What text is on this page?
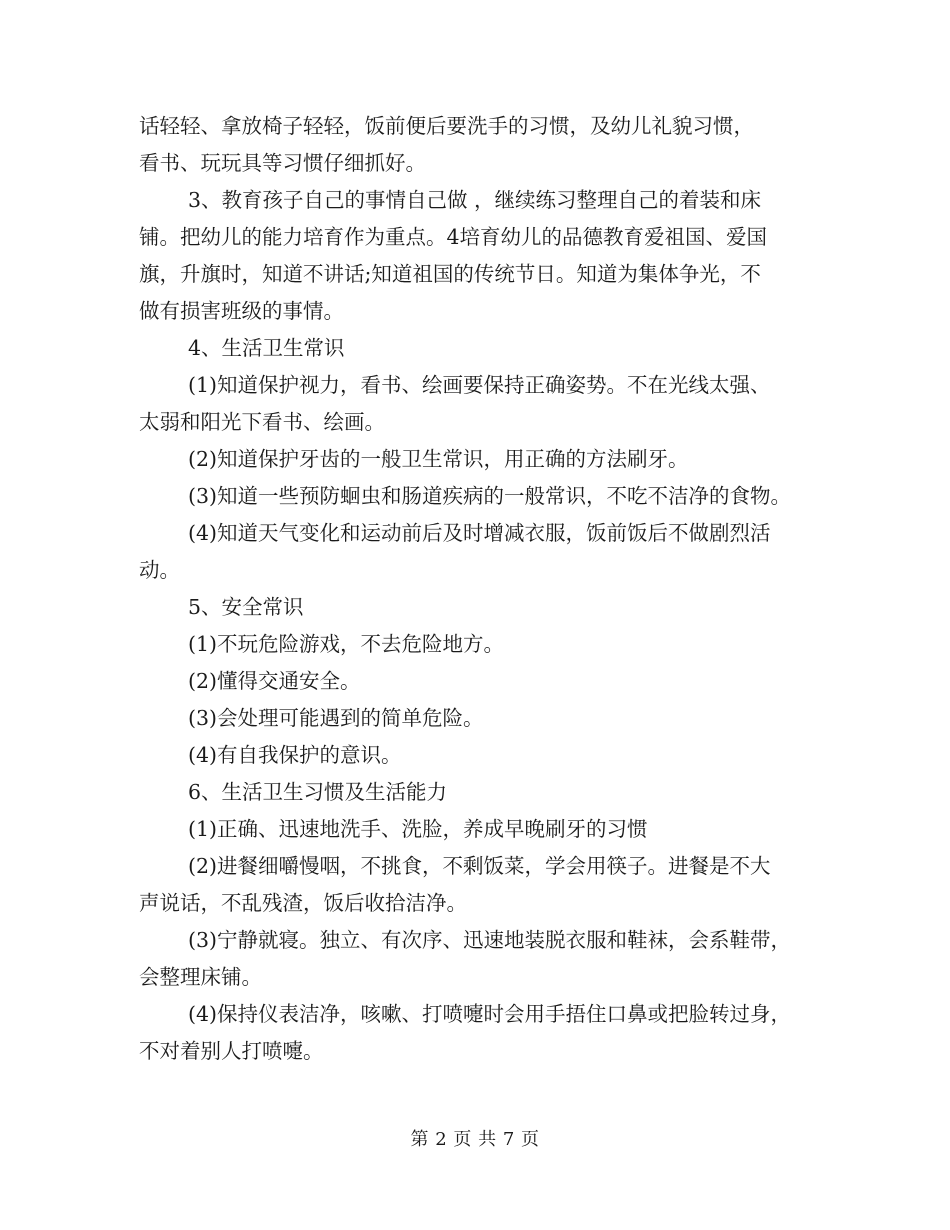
话轻轻、拿放椅子轻轻，饭前便后要洗手的习惯，及幼儿礼貌习惯，

看书、玩玩具等习惯仔细抓好。

3、教育孩子自己的事情自己做 ，继续练习整理自己的着装和床

铺。把幼儿的能力培育作为重点。4培育幼儿的品德教育爱祖国、爱国

旗，升旗时，知道不讲话;知道祖国的传统节日。知道为集体争光，不

做有损害班级的事情。

4、生活卫生常识

(1)知道保护视力，看书、绘画要保持正确姿势。不在光线太强、

太弱和阳光下看书、绘画。

(2)知道保护牙齿的一般卫生常识，用正确的方法刷牙。

(3)知道一些预防蛔虫和肠道疾病的一般常识，不吃不洁净的食物。

(4)知道天气变化和运动前后及时增减衣服，饭前饭后不做剧烈活

动。

5、安全常识

(1)不玩危险游戏，不去危险地方。

(2)懂得交通安全。

(3)会处理可能遇到的简单危险。

(4)有自我保护的意识。

6、生活卫生习惯及生活能力

(1)正确、迅速地洗手、洗脸，养成早晚刷牙的习惯

(2)进餐细嚼慢咽，不挑食，不剩饭菜，学会用筷子。进餐是不大

声说话，不乱残渣，饭后收拾洁净。

(3)宁静就寝。独立、有次序、迅速地装脱衣服和鞋袜，会系鞋带，

会整理床铺。

(4)保持仪表洁净，咳嗽、打喷嚏时会用手捂住口鼻或把脸转过身，

不对着别人打喷嚏。

第 2 页 共 7 页
